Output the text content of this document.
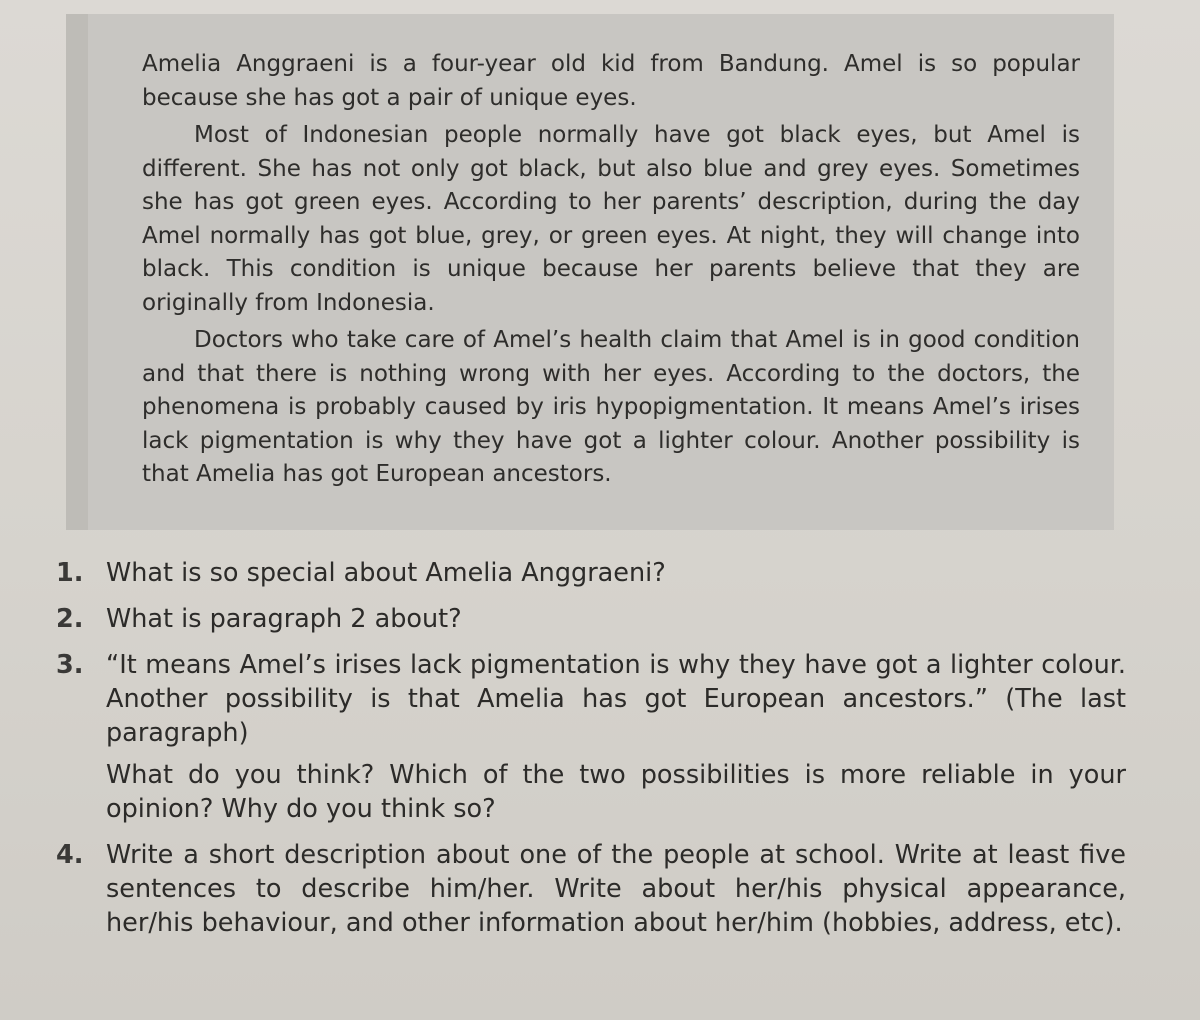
Amelia Anggraeni is a four-year old kid from Bandung. Amel is so popular because she has got a pair of unique eyes.

Most of Indonesian people normally have got black eyes, but Amel is different. She has not only got black, but also blue and grey eyes. Sometimes she has got green eyes. According to her parents’ description, during the day Amel normally has got blue, grey, or green eyes. At night, they will change into black. This condition is unique because her parents believe that they are originally from Indonesia.

Doctors who take care of Amel’s health claim that Amel is in good condition and that there is nothing wrong with her eyes. According to the doctors, the phenomena is probably caused by iris hypopigmentation. It means Amel’s irises lack pigmentation is why they have got a lighter colour. Another possibility is that Amelia has got European ancestors.

1. What is so special about Amelia Anggraeni?
2. What is paragraph 2 about?
3. “It means Amel’s irises lack pigmentation is why they have got a lighter colour. Another possibility is that Amelia has got European ancestors.” (The last paragraph)
What do you think? Which of the two possibilities is more reliable in your opinion? Why do you think so?
4. Write a short description about one of the people at school. Write at least five sentences to describe him/her. Write about her/his physical appearance, her/his behaviour, and other information about her/him (hobbies, address, etc).
